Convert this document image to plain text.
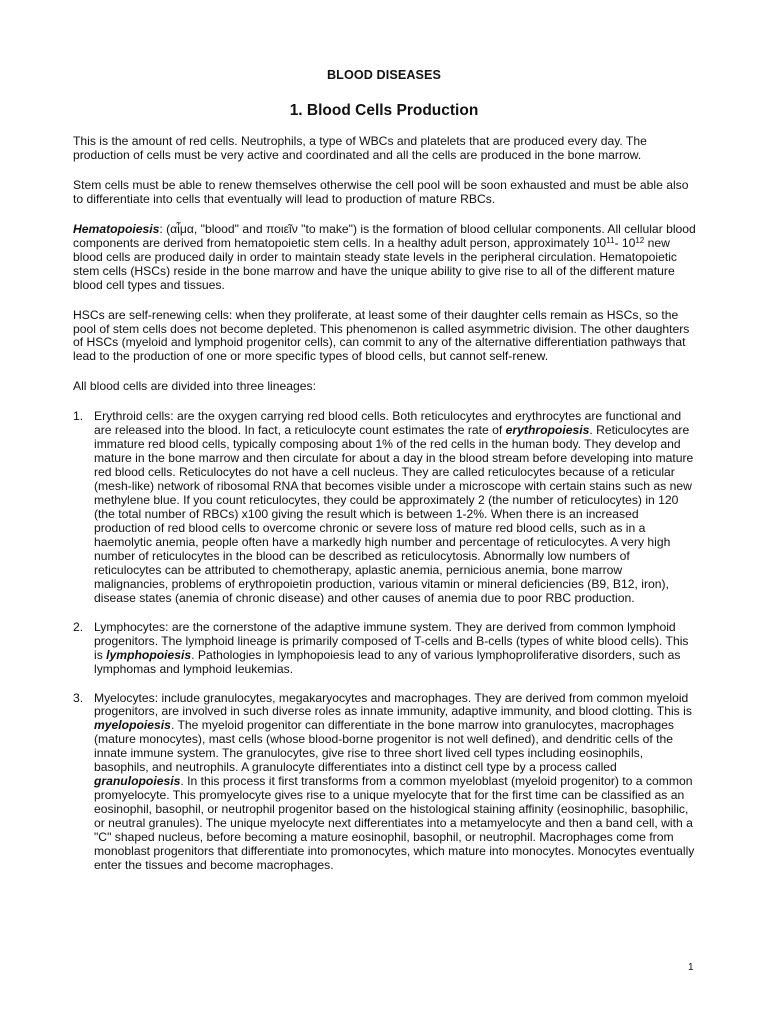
BLOOD DISEASES
1. Blood Cells Production

This is the amount of red cells. Neutrophils, a type of WBCs and platelets that are produced every day. The production of cells must be very active and coordinated and all the cells are produced in the bone marrow.

Stem cells must be able to renew themselves otherwise the cell pool will be soon exhausted and must be able also to differentiate into cells that eventually will lead to production of mature RBCs.

Hematopoiesis: (αἷμα, "blood" and ποιεῖν "to make") is the formation of blood cellular components. All cellular blood components are derived from hematopoietic stem cells. In a healthy adult person, approximately $10^{11}-$ $10^{12}$ new blood cells are produced daily in order to maintain steady state levels in the peripheral circulation. Hematopoietic stem cells (HSCs) reside in the bone marrow and have the unique ability to give rise to all of the different mature blood cell types and tissues.

HSCs are self-renewing cells: when they proliferate, at least some of their daughter cells remain as HSCs, so the pool of stem cells does not become depleted. This phenomenon is called asymmetric division. The other daughters of HSCs (myeloid and lymphoid progenitor cells), can commit to any of the alternative differentiation pathways that lead to the production of one or more specific types of blood cells, but cannot self-renew.

All blood cells are divided into three lineages:

1. Erythroid cells: are the oxygen carrying red blood cells. Both reticulocytes and erythrocytes are functional and are released into the blood. In fact, a reticulocyte count estimates the rate of erythropoiesis. Reticulocytes are immature red blood cells, typically composing about 1% of the red cells in the human body. They develop and mature in the bone marrow and then circulate for about a day in the blood stream before developing into mature red blood cells. Reticulocytes do not have a cell nucleus. They are called reticulocytes because of a reticular (mesh-like) network of ribosomal RNA that becomes visible under a microscope with certain stains such as new methylene blue. If you count reticulocytes, they could be approximately 2 (the number of reticulocytes) in 120 (the total number of RBCs) x100 giving the result which is between 1-2%. When there is an increased production of red blood cells to overcome chronic or severe loss of mature red blood cells, such as in a haemolytic anemia, people often have a markedly high number and percentage of reticulocytes. A very high number of reticulocytes in the blood can be described as reticulocytosis. Abnormally low numbers of reticulocytes can be attributed to chemotherapy, aplastic anemia, pernicious anemia, bone marrow malignancies, problems of erythropoietin production, various vitamin or mineral deficiencies (B9, B12, iron), disease states (anemia of chronic disease) and other causes of anemia due to poor RBC production.
2. Lymphocytes: are the cornerstone of the adaptive immune system. They are derived from common lymphoid progenitors. The lymphoid lineage is primarily composed of T-cells and B-cells (types of white blood cells). This is lymphopoiesis. Pathologies in lymphopoiesis lead to any of various lymphoproliferative disorders, such as lymphomas and lymphoid leukemias.
3. Myelocytes: include granulocytes, megakaryocytes and macrophages. They are derived from common myeloid progenitors, are involved in such diverse roles as innate immunity, adaptive immunity, and blood clotting. This is myelopoiesis. The myeloid progenitor can differentiate in the bone marrow into granulocytes, macrophages (mature monocytes), mast cells (whose blood-borne progenitor is not well defined), and dendritic cells of the innate immune system. The granulocytes, give rise to three short lived cell types including eosinophils, basophils, and neutrophils. A granulocyte differentiates into a distinct cell type by a process called granulopoiesis. In this process it first transforms from a common myeloblast (myeloid progenitor) to a common promyelocyte. This promyelocyte gives rise to a unique myelocyte that for the first time can be classified as an eosinophil, basophil, or neutrophil progenitor based on the histological staining affinity (eosinophilic, basophilic, or neutral granules). The unique myelocyte next differentiates into a metamyelocyte and then a band cell, with a "C" shaped nucleus, before becoming a mature eosinophil, basophil, or neutrophil. Macrophages come from monoblast progenitors that differentiate into promonocytes, which mature into monocytes. Monocytes eventually enter the tissues and become macrophages.
1
